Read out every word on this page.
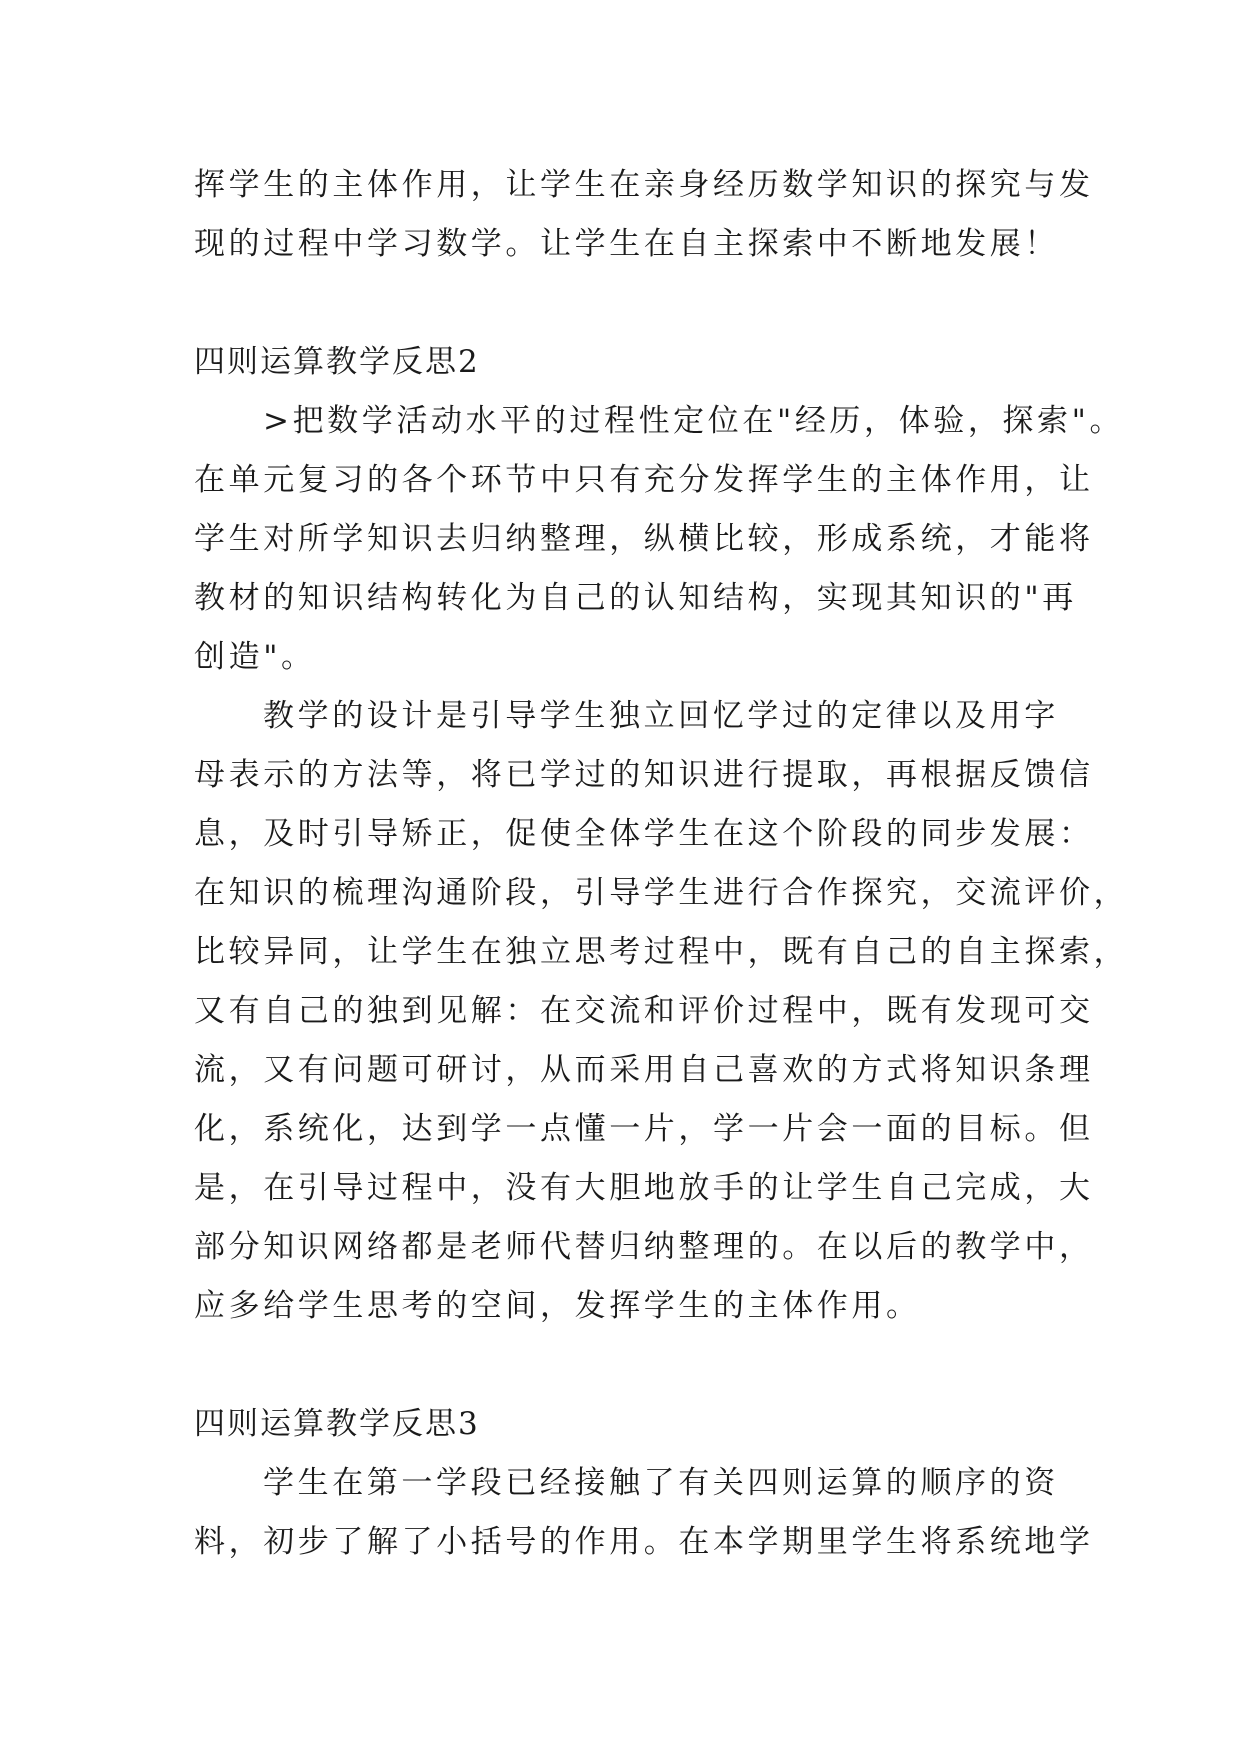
挥学生的主体作用，让学生在亲身经历数学知识的探究与发
现的过程中学习数学。让学生在自主探索中不断地发展！
四则运算教学反思2
>把数学活动水平的过程性定位在"经历，体验，探索"。
在单元复习的各个环节中只有充分发挥学生的主体作用，让
学生对所学知识去归纳整理，纵横比较，形成系统，才能将
教材的知识结构转化为自己的认知结构，实现其知识的"再
创造"。
教学的设计是引导学生独立回忆学过的定律以及用字
母表示的方法等，将已学过的知识进行提取，再根据反馈信
息，及时引导矫正，促使全体学生在这个阶段的同步发展：
在知识的梳理沟通阶段，引导学生进行合作探究，交流评价，
比较异同，让学生在独立思考过程中，既有自己的自主探索，
又有自己的独到见解：在交流和评价过程中，既有发现可交
流，又有问题可研讨，从而采用自己喜欢的方式将知识条理
化，系统化，达到学一点懂一片，学一片会一面的目标。但
是，在引导过程中，没有大胆地放手的让学生自己完成，大
部分知识网络都是老师代替归纳整理的。在以后的教学中，
应多给学生思考的空间，发挥学生的主体作用。
四则运算教学反思3
学生在第一学段已经接触了有关四则运算的顺序的资
料，初步了解了小括号的作用。在本学期里学生将系统地学
